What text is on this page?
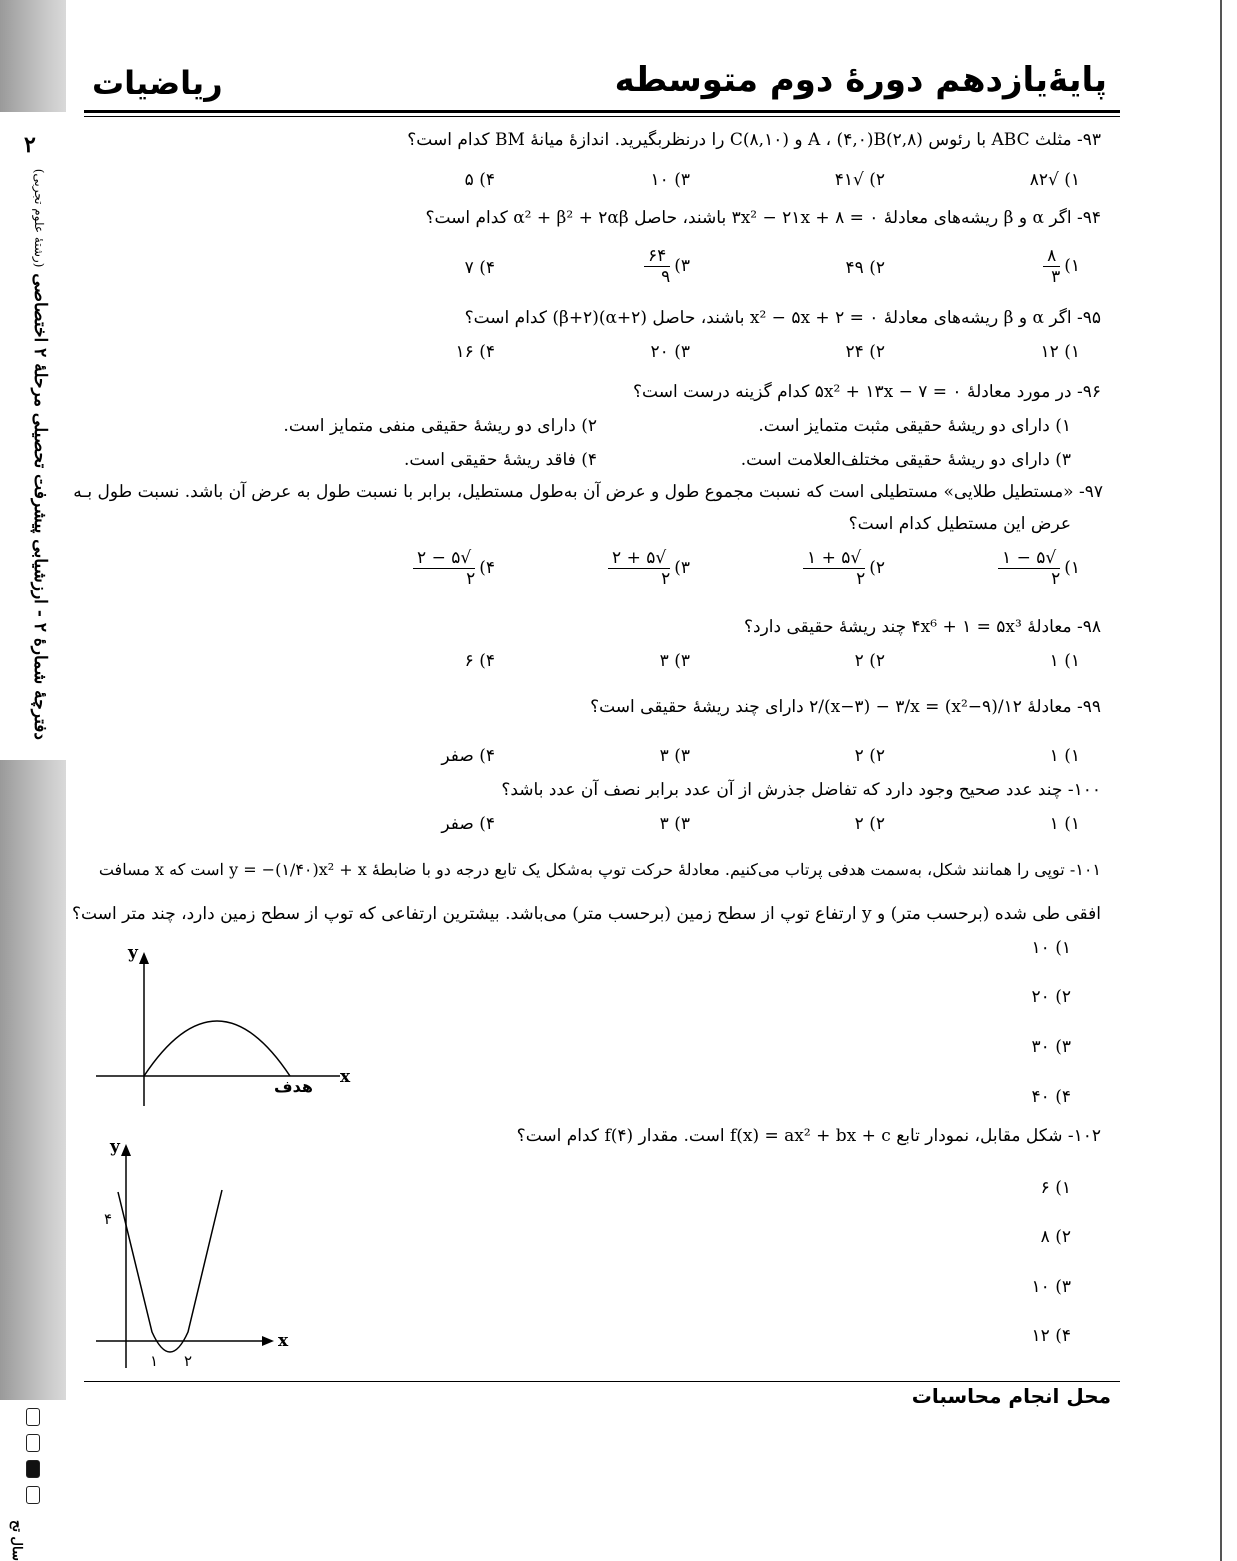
۲
دفترچۀ شمارۀ ۲ - ارزشیابی پیشرفت تحصیلی مرحلۀ ۲ اختصاصی (رشتۀ علوم تجربی)
سال تح
پایۀیازدهم دورۀ دوم متوسطه
ریاضیات
۹۳- مثلث ABC با رئوس (۲,۸)A ، (۴,۰)B و (۸,۱۰)C را درنظربگیرید. اندازۀ میانۀ BM کدام است؟
۱) √۸۲
۲) √۴۱
۳) ۱۰
۴) ۵
۹۴- اگر α و β ریشه‌های معادلۀ ۳x² − ۲۱x + ۸ = ۰ باشند، حاصل α² + β² + ۲αβ کدام است؟
۱)
$\frac{۸}{۳}$
۲) ۴۹
۳)
$\frac{۶۴}{۹}$
۴) ۷
۹۵- اگر α و β ریشه‌های معادلۀ x² − ۵x + ۲ = ۰ باشند، حاصل (α+۲)(β+۲) کدام است؟
۱) ۱۲
۲) ۲۴
۳) ۲۰
۴) ۱۶
۹۶- در مورد معادلۀ ۵x² + ۱۳x − ۷ = ۰ کدام گزینه درست است؟
۱) دارای دو ریشۀ حقیقی مثبت متمایز است.
۲) دارای دو ریشۀ حقیقی منفی متمایز است.
۳) دارای دو ریشۀ حقیقی مختلف‌العلامت است.
۴) فاقد ریشۀ حقیقی است.
۹۷- «مستطیل طلایی» مستطیلی است که نسبت مجموع طول و عرض آن به‌طول مستطیل، برابر با نسبت طول به عرض آن باشد. نسبت طول بـه
عرض این مستطیل کدام است؟
۱)
$\frac{√۵ - ۱}{۲}$
۲)
$\frac{√۵ + ۱}{۲}$
۳)
$\frac{√۵ + ۲}{۲}$
۴)
$\frac{√۵ - ۲}{۲}$
۹۸- معادلۀ ۴x⁶ + ۱ = ۵x³ چند ریشۀ حقیقی دارد؟
۱) ۱
۲) ۲
۳) ۳
۴) ۶
۹۹- معادلۀ ۱۲/(۹−x²) = ۲/(x−۳) − ۳/x دارای چند ریشۀ حقیقی است؟
۱) ۱
۲) ۲
۳) ۳
۴) صفر
۱۰۰- چند عدد صحیح وجود دارد که تفاضل جذرش از آن عدد برابر نصف آن عدد باشد؟
۱) ۱
۲) ۲
۳) ۳
۴) صفر
۱۰۱- توپی را همانند شکل، به‌سمت هدفی پرتاب می‌کنیم. معادلۀ حرکت توپ به‌شکل یک تابع درجه دو با ضابطۀ y = −(۱/۴۰)x² + x است که x مسافت
افقی طی شده (برحسب متر) و y ارتفاع توپ از سطح زمین (برحسب متر) می‌باشد. بیشترین ارتفاعی که توپ از سطح زمین دارد، چند متر است؟
۱) ۱۰
۲) ۲۰
۳) ۳۰
۴) ۴۰
y
x
هدف
۱۰۲- شکل مقابل، نمودار تابع f(x) = ax² + bx + c است. مقدار f(۴) کدام است؟
۱) ۶
۲) ۸
۳) ۱۰
۴) ۱۲
y
x
۴
۱ ۲
محل انجام محاسبات
